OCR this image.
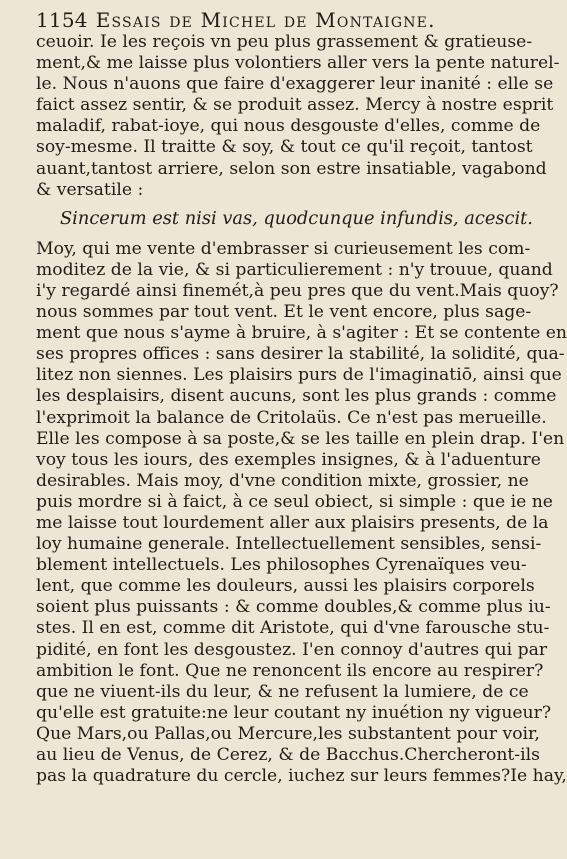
1154 Essais de Michel de Montaigne.
ceuoir. Ie les reçois vn peu plus grassement & gratieuse-
ment,& me laisse plus volontiers aller vers la pente naturel-
le. Nous n'auons que faire d'exaggerer leur inanité : elle se
faict assez sentir, & se produit assez. Mercy à nostre esprit
maladif, rabat-ioye, qui nous desgouste d'elles, comme de
soy-mesme. Il traitte & soy, & tout ce qu'il reçoit, tantost
auant,tantost arriere, selon son estre insatiable, vagabond
& versatile :
Sincerum est nisi vas, quodcunque infundis, acescit.
Moy, qui me vente d'embrasser si curieusement les com-
moditez de la vie, & si particulierement : n'y trouue, quand
i'y regardé ainsi finemét,à peu pres que du vent.Mais quoy?
nous sommes par tout vent. Et le vent encore, plus sage-
ment que nous s'ayme à bruire, à s'agiter : Et se contente en
ses propres offices : sans desirer la stabilité, la solidité, qua-
litez non siennes. Les plaisirs purs de l'imaginatiō, ainsi que
les desplaisirs, disent aucuns, sont les plus grands : comme
l'exprimoit la balance de Critolaüs. Ce n'est pas merueille.
Elle les compose à sa poste,& se les taille en plein drap. I'en
voy tous les iours, des exemples insignes, & à l'aduenture
desirables. Mais moy, d'vne condition mixte, grossier, ne
puis mordre si à faict, à ce seul obiect, si simple : que ie ne
me laisse tout lourdement aller aux plaisirs presents, de la
loy humaine generale. Intellectuellement sensibles, sensi-
blement intellectuels. Les philosophes Cyrenaïques veu-
lent, que comme les douleurs, aussi les plaisirs corporels
soient plus puissants : & comme doubles,& comme plus iu-
stes. Il en est, comme dit Aristote, qui d'vne farousche stu-
pidité, en font les desgoustez. I'en connoy d'autres qui par
ambition le font. Que ne renoncent ils encore au respirer?
que ne viuent-ils du leur, & ne refusent la lumiere, de ce
qu'elle est gratuite:ne leur coutant ny inuétion ny vigueur?
Que Mars,ou Pallas,ou Mercure,les substantent pour voir,
au lieu de Venus, de Cerez, & de Bacchus.Chercheront-ils
pas la quadrature du cercle, iuchez sur leurs femmes?Ie hay,
